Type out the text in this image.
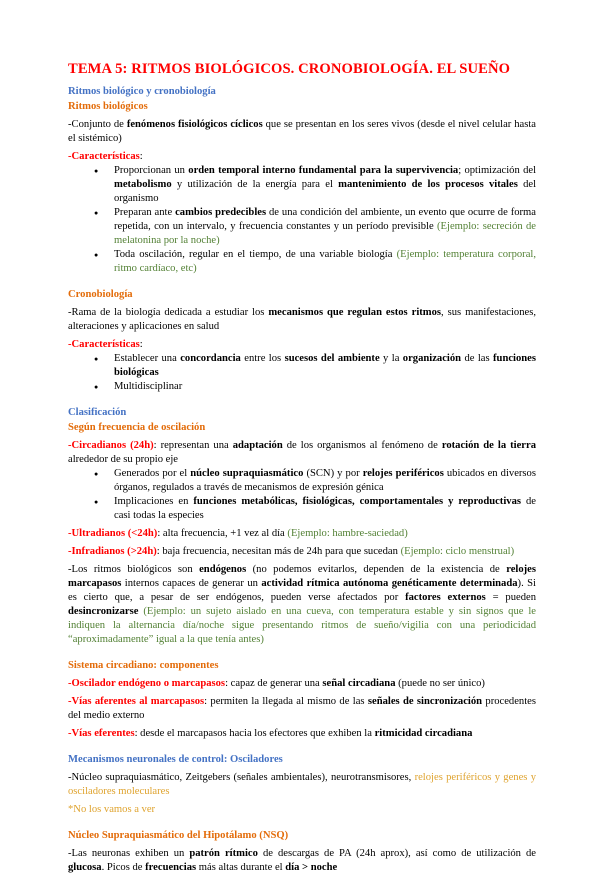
TEMA 5: RITMOS BIOLÓGICOS. CRONOBIOLOGÍA. EL SUEÑO
Ritmos biológico y cronobiología
Ritmos biológicos
-Conjunto de fenómenos fisiológicos cíclicos que se presentan en los seres vivos (desde el nivel celular hasta el sistémico)
-Características:
●	Proporcionan un orden temporal interno fundamental para la supervivencia; optimización del metabolismo y utilización de la energía para el mantenimiento de los procesos vitales del organismo
●	Preparan ante cambios predecibles de una condición del ambiente, un evento que ocurre de forma repetida, con un intervalo, y frecuencia constantes y un período previsible (Ejemplo: secreción de melatonina por la noche)
●	Toda oscilación, regular en el tiempo, de una variable biología (Ejemplo: temperatura corporal, ritmo cardíaco, etc)
Cronobiología
-Rama de la biología dedicada a estudiar los mecanismos que regulan estos ritmos, sus manifestaciones, alteraciones y aplicaciones en salud
-Características:
●	Establecer una concordancia entre los sucesos del ambiente y la organización de las funciones biológicas
●	Multidisciplinar
Clasificación
Según frecuencia de oscilación
-Circadianos (24h): representan una adaptación de los organismos al fenómeno de rotación de la tierra alrededor de su propio eje
●	Generados por el núcleo supraquiasmático (SCN) y por relojes periféricos ubicados en diversos órganos, regulados a través de mecanismos de expresión génica
●	Implicaciones en funciones metabólicas, fisiológicas, comportamentales y reproductivas de casi todas la especies
-Ultradianos (<24h): alta frecuencia, +1 vez al día (Ejemplo: hambre-saciedad)
-Infradianos (>24h): baja frecuencia, necesitan más de 24h para que sucedan (Ejemplo: ciclo menstrual)
-Los ritmos biológicos son endógenos (no podemos evitarlos, dependen de la existencia de relojes marcapasos internos capaces de generar un actividad rítmica autónoma genéticamente determinada). Si es cierto que, a pesar de ser endógenos, pueden verse afectados por factores externos = pueden desincronizarse (Ejemplo: un sujeto aislado en una cueva, con temperatura estable y sin signos que le indiquen la alternancia día/noche sigue presentando ritmos de sueño/vigilia con una periodicidad “aproximadamente” igual a la que tenía antes)
Sistema circadiano: componentes
-Oscilador endógeno o marcapasos: capaz de generar una señal circadiana (puede no ser único)
-Vías aferentes al marcapasos: permiten la llegada al mismo de las señales de sincronización procedentes del medio externo
-Vías eferentes: desde el marcapasos hacia los efectores que exhiben la ritmicidad circadiana
Mecanismos neuronales de control: Osciladores
-Núcleo supraquiasmático, Zeitgebers (señales ambientales), neurotransmisores, relojes periféricos y genes y osciladores moleculares
*No los vamos a ver
Núcleo Supraquiasmático del Hipotálamo (NSQ)
-Las neuronas exhiben un patrón rítmico de descargas de PA (24h aprox), así como de utilización de glucosa. Picos de frecuencias más altas durante el día > noche
